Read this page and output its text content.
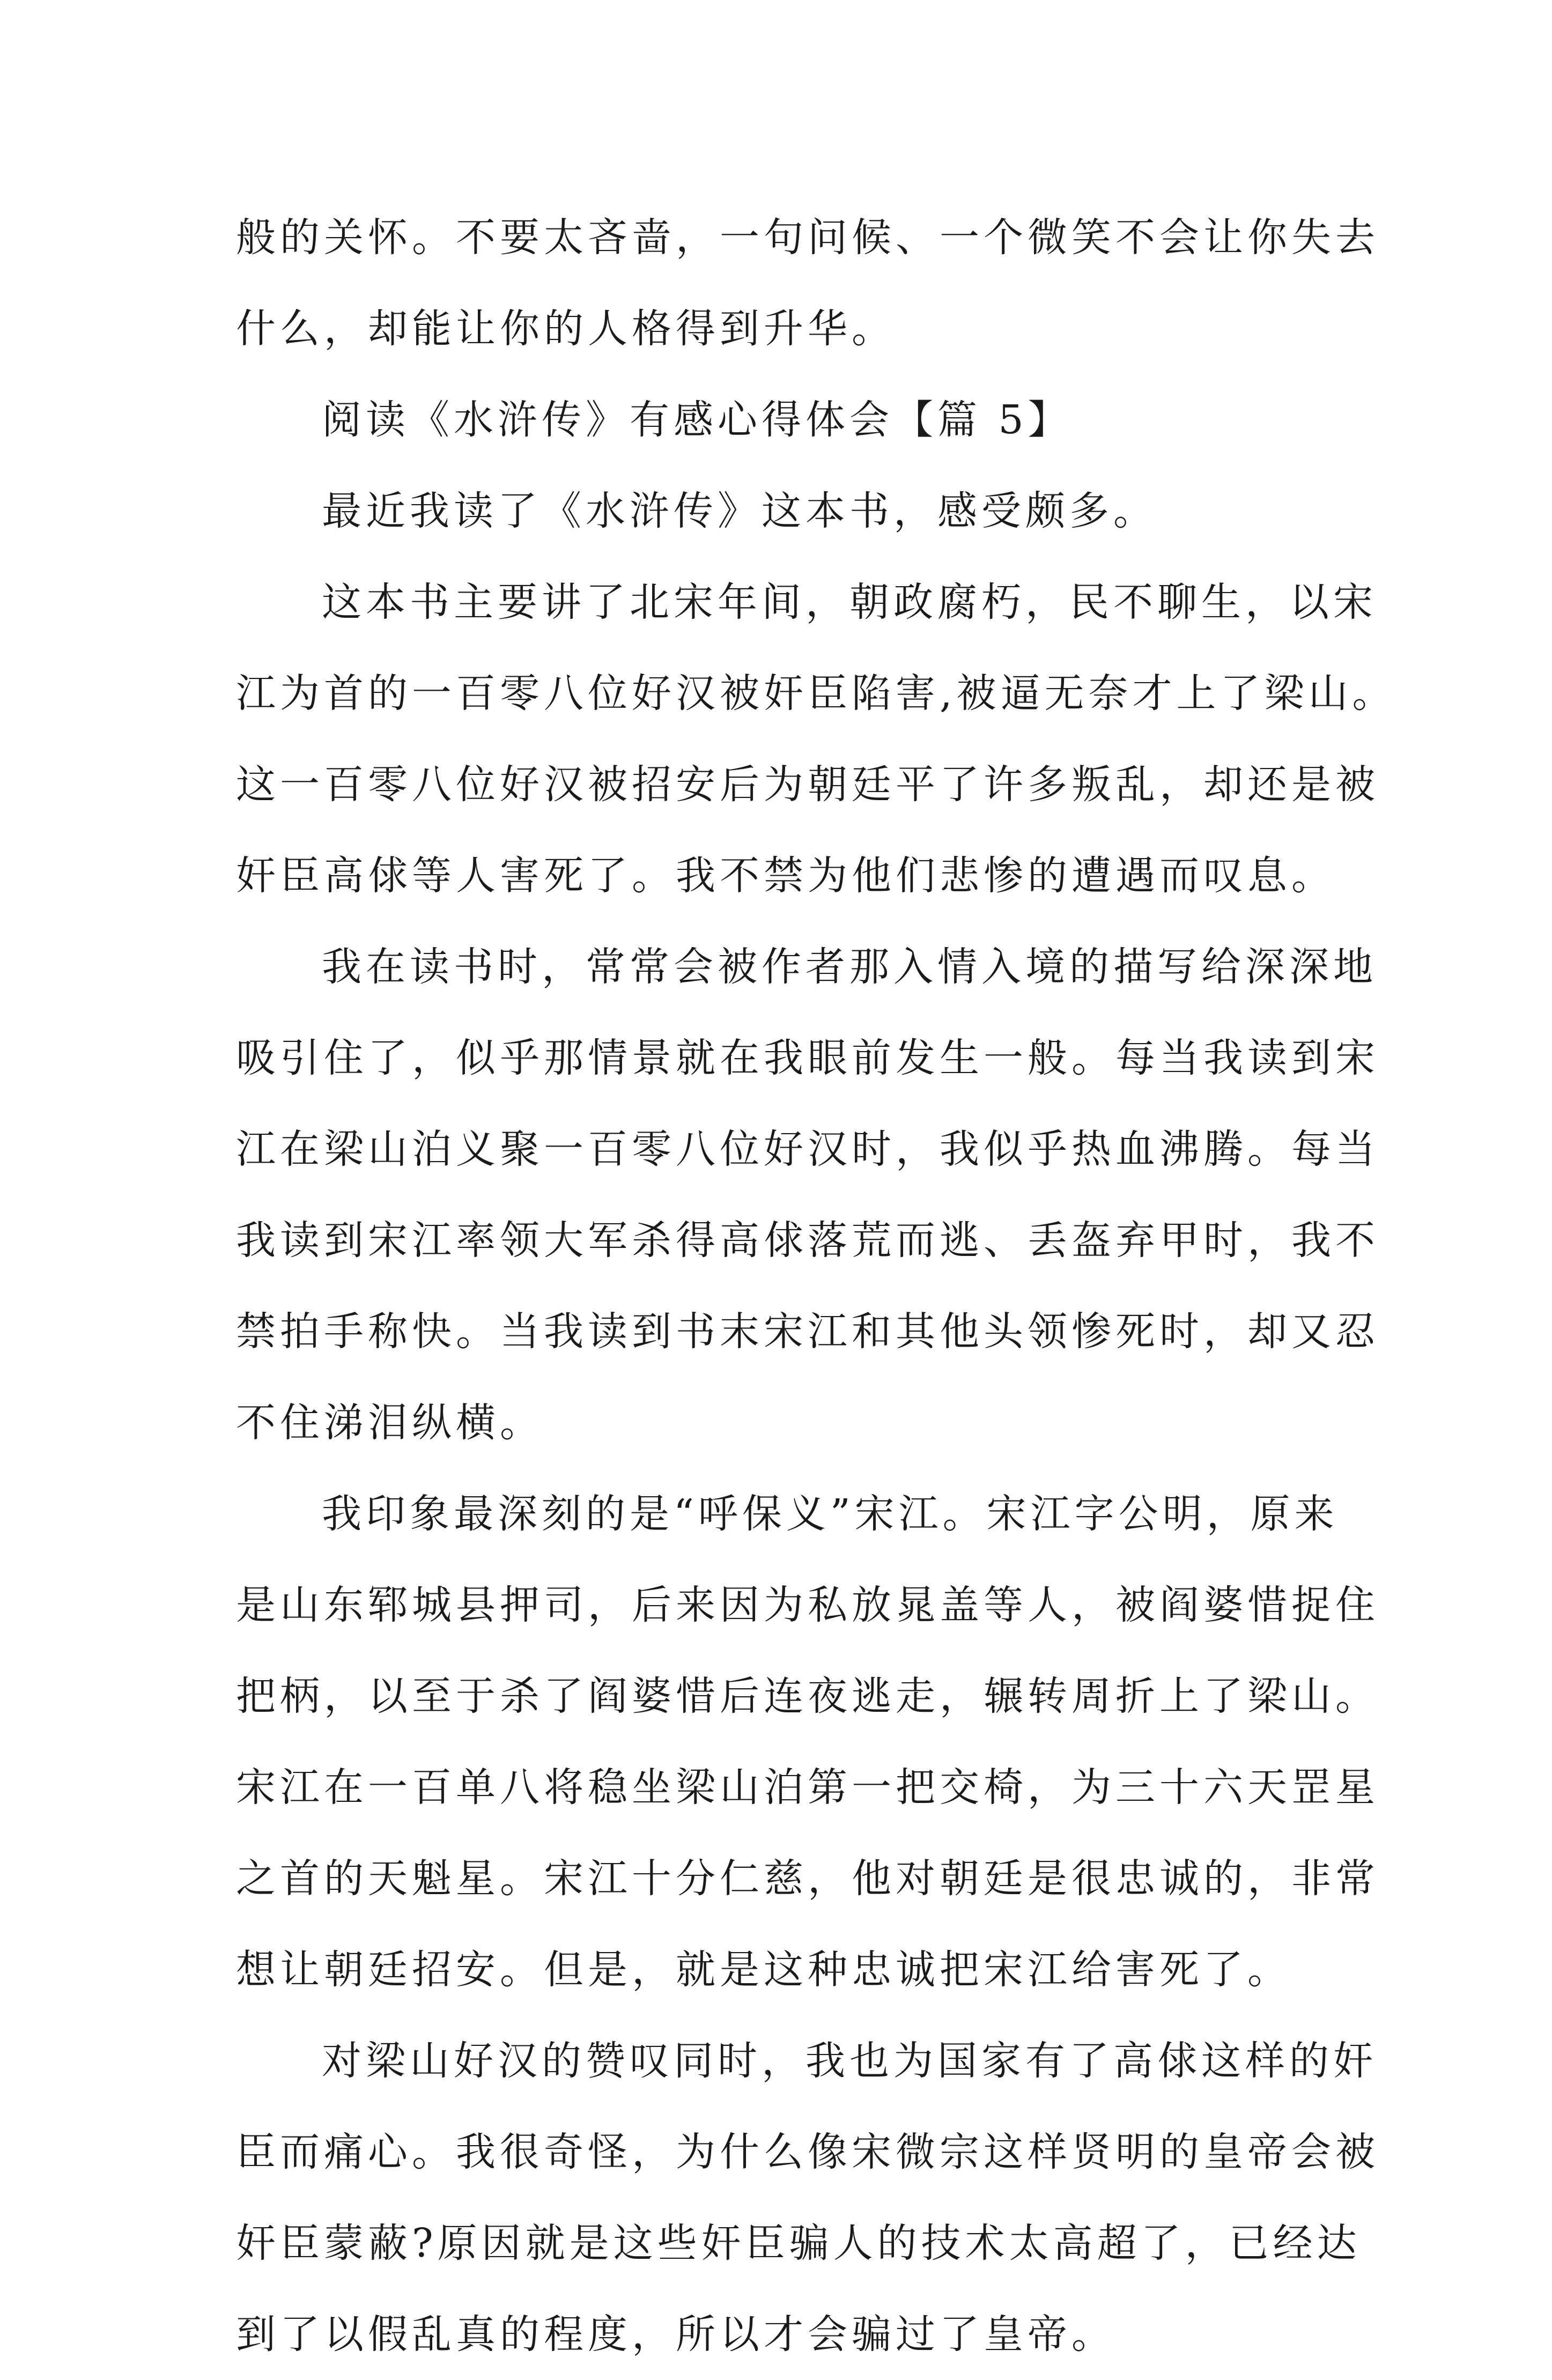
般的关怀。不要太吝啬，一句问候、一个微笑不会让你失去
什么，却能让你的人格得到升华。
阅读《水浒传》有感心得体会【篇 5】
最近我读了《水浒传》这本书，感受颇多。
这本书主要讲了北宋年间，朝政腐朽，民不聊生，以宋
江为首的一百零八位好汉被奸臣陷害,被逼无奈才上了梁山。
这一百零八位好汉被招安后为朝廷平了许多叛乱，却还是被
奸臣高俅等人害死了。我不禁为他们悲惨的遭遇而叹息。
我在读书时，常常会被作者那入情入境的描写给深深地
吸引住了，似乎那情景就在我眼前发生一般。每当我读到宋
江在梁山泊义聚一百零八位好汉时，我似乎热血沸腾。每当
我读到宋江率领大军杀得高俅落荒而逃、丢盔弃甲时，我不
禁拍手称快。当我读到书末宋江和其他头领惨死时，却又忍
不住涕泪纵横。
我印象最深刻的是“呼保义”宋江。宋江字公明，原来
是山东郓城县押司，后来因为私放晁盖等人，被阎婆惜捉住
把柄，以至于杀了阎婆惜后连夜逃走，辗转周折上了梁山。
宋江在一百单八将稳坐梁山泊第一把交椅，为三十六天罡星
之首的天魁星。宋江十分仁慈，他对朝廷是很忠诚的，非常
想让朝廷招安。但是，就是这种忠诚把宋江给害死了。
对梁山好汉的赞叹同时，我也为国家有了高俅这样的奸
臣而痛心。我很奇怪，为什么像宋微宗这样贤明的皇帝会被
奸臣蒙蔽?原因就是这些奸臣骗人的技术太高超了，已经达
到了以假乱真的程度，所以才会骗过了皇帝。
